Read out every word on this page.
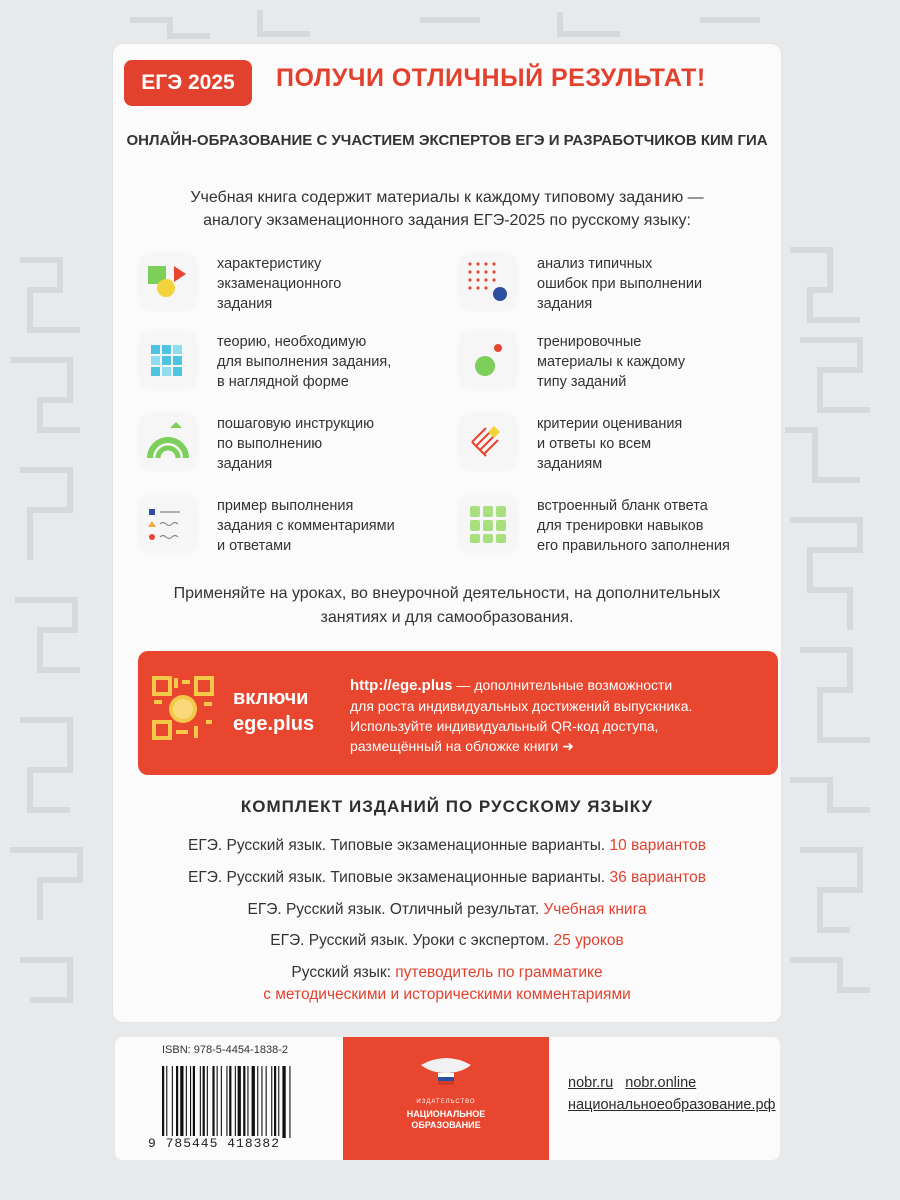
ЕГЭ 2025	ПОЛУЧИ ОТЛИЧНЫЙ РЕЗУЛЬТАТ!
ОНЛАЙН-ОБРАЗОВАНИЕ С УЧАСТИЕМ ЭКСПЕРТОВ ЕГЭ И РАЗРАБОТЧИКОВ КИМ ГИА
Учебная книга содержит материалы к каждому типовому заданию —
аналогу экзаменационного задания ЕГЭ-2025 по русскому языку:
характеристику
экзаменационного
задания
анализ типичных
ошибок при выполнении
задания
теорию, необходимую
для выполнения задания,
в наглядной форме
тренировочные
материалы к каждому
типу заданий
пошаговую инструкцию
по выполнению
задания
критерии оценивания
и ответы ко всем
заданиям
пример выполнения
задания с комментариями
и ответами
встроенный бланк ответа
для тренировки навыков
его правильного заполнения
Применяйте на уроках, во внеурочной деятельности, на дополнительных
занятиях и для самообразования.
включи
ege.plus
http://ege.plus — дополнительные возможности
для роста индивидуальных достижений выпускника.
Используйте индивидуальный QR-код доступа,
размещённый на обложке книги ➜
КОМПЛЕКТ ИЗДАНИЙ ПО РУССКОМУ ЯЗЫКУ
ЕГЭ. Русский язык. Типовые экзаменационные варианты. 10 вариантов
ЕГЭ. Русский язык. Типовые экзаменационные варианты. 36 вариантов
ЕГЭ. Русский язык. Отличный результат. Учебная книга
ЕГЭ. Русский язык. Уроки с экспертом. 25 уроков
Русский язык: путеводитель по грамматике
с методическими и историческими комментариями
ISBN: 978-5-4454-1838-2
9 785445 418382
ИЗДАТЕЛЬСТВО
НАЦИОНАЛЬНОЕ
ОБРАЗОВАНИЕ
nobr.ru nobr.online
национальноеобразование.рф
